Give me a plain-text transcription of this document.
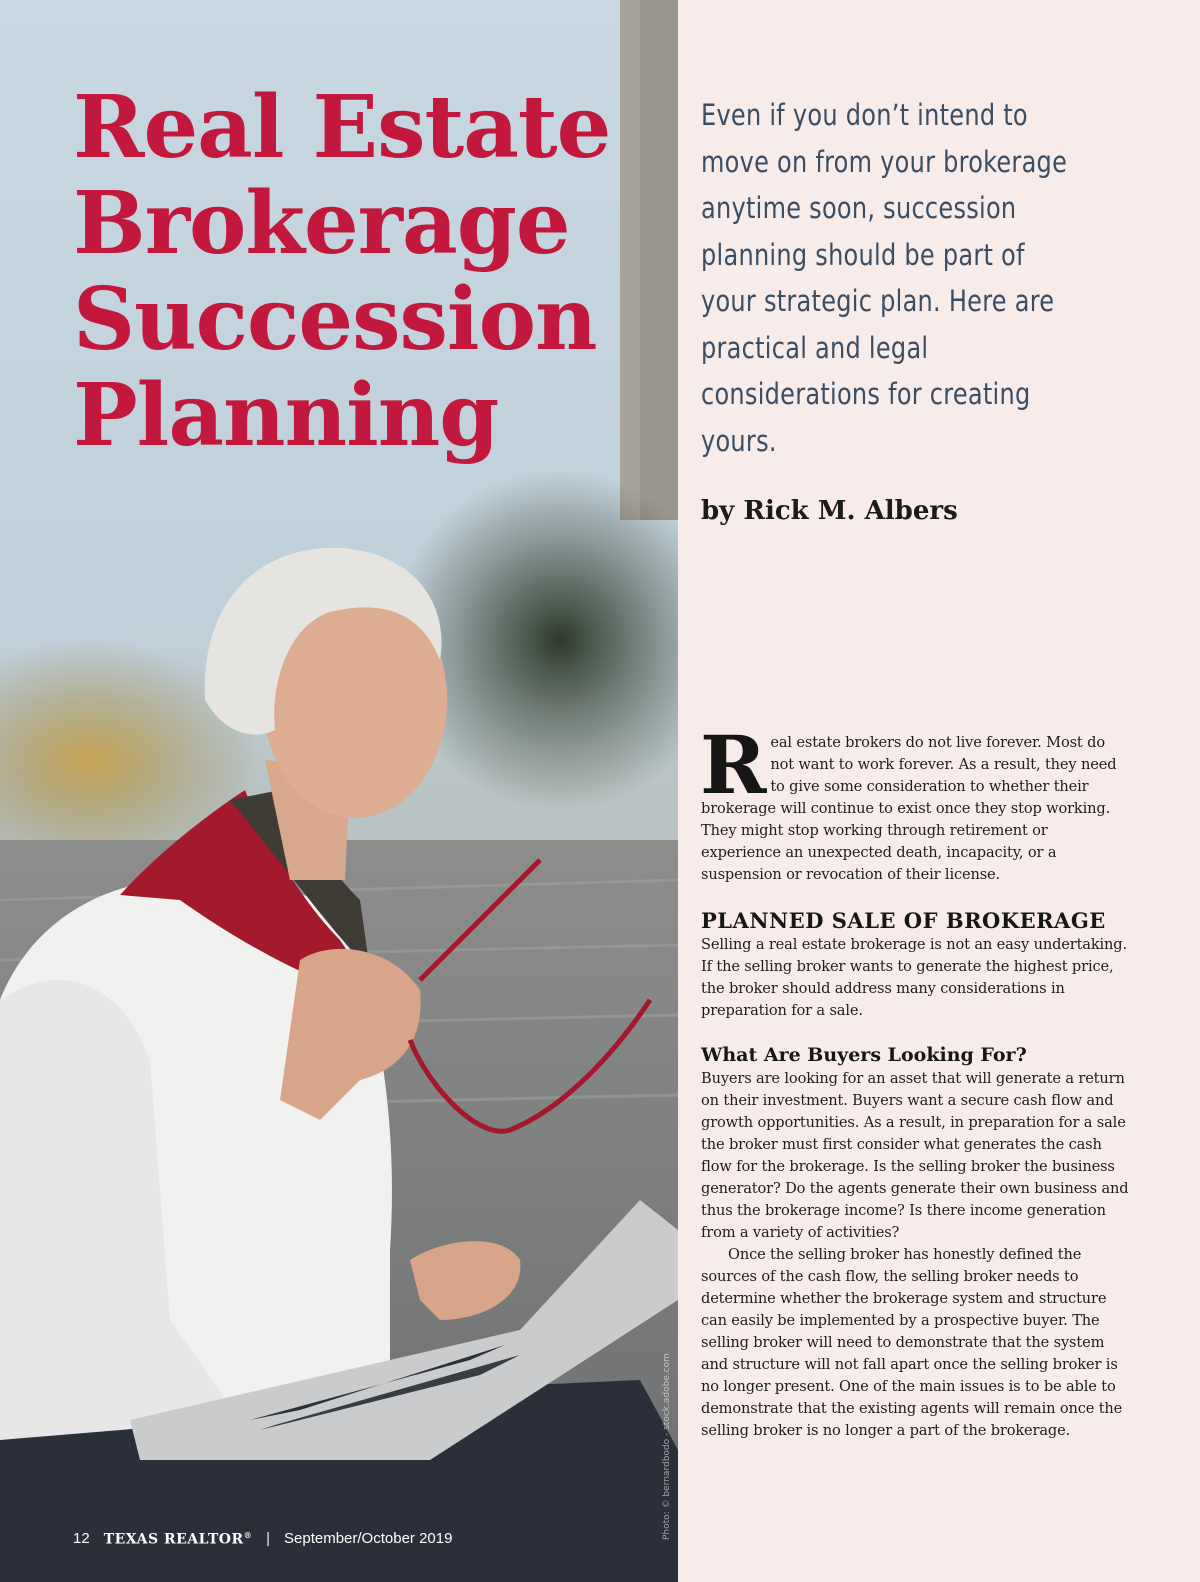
Real Estate
Brokerage
Succession
Planning
Photo: © bernardbodo - stock.adobe.com
12 TEXAS REALTOR® | September/October 2019

Even if you don’t intend to move on from your brokerage anytime soon, succession planning should be part of your strategic plan. Here are practical and legal considerations for creating yours.

by Rick M. Albers

Real estate brokers do not live forever. Most do not want to work forever. As a result, they need to give some consideration to whether their brokerage will continue to exist once they stop working. They might stop working through retirement or experience an unexpected death, incapacity, or a suspension or revocation of their license.

PLANNED SALE OF BROKERAGE

Selling a real estate brokerage is not an easy undertaking. If the selling broker wants to generate the highest price, the broker should address many considerations in preparation for a sale.

What Are Buyers Looking For?

Buyers are looking for an asset that will generate a return on their investment. Buyers want a secure cash flow and growth opportunities. As a result, in preparation for a sale the broker must first consider what generates the cash flow for the brokerage. Is the selling broker the business generator? Do the agents generate their own business and thus the brokerage income? Is there income generation from a variety of activities?

Once the selling broker has honestly defined the sources of the cash flow, the selling broker needs to determine whether the brokerage system and structure can easily be implemented by a prospective buyer. The selling broker will need to demonstrate that the system and structure will not fall apart once the selling broker is no longer present. One of the main issues is to be able to demonstrate that the existing agents will remain once the selling broker is no longer a part of the brokerage.
